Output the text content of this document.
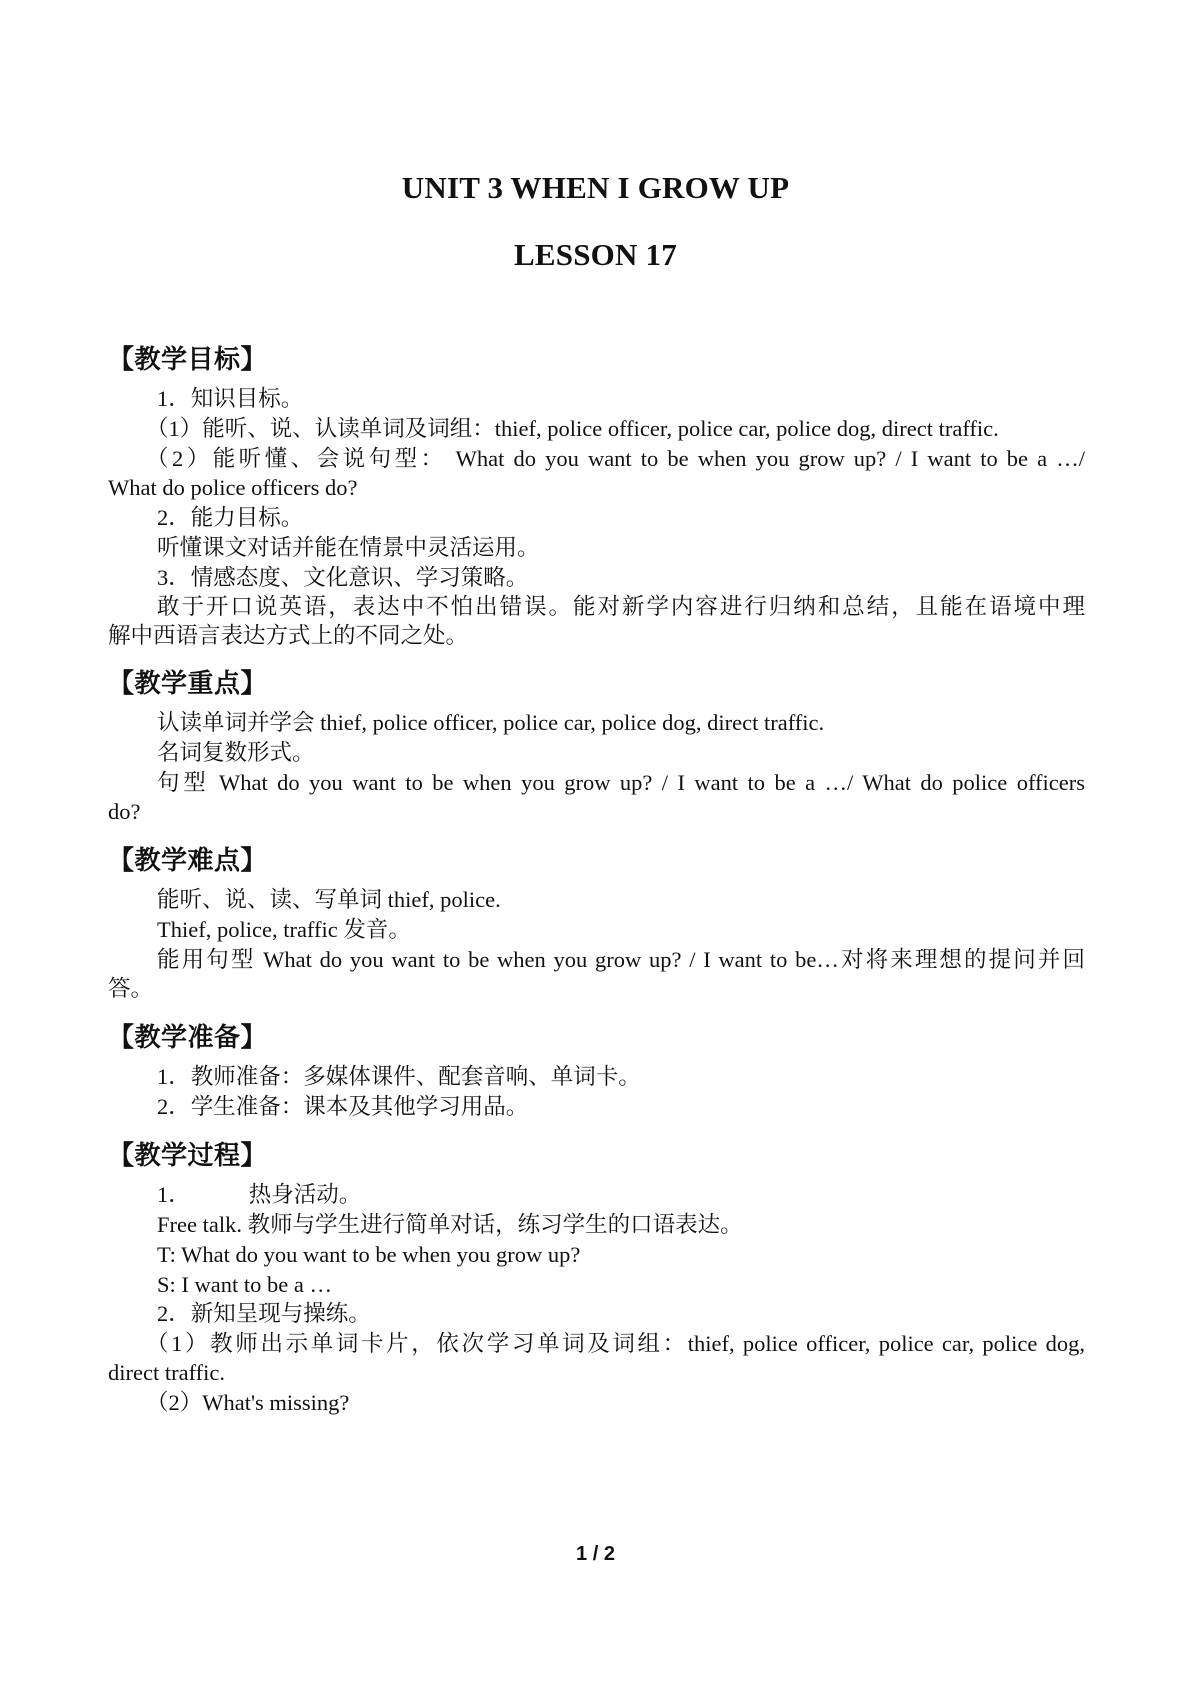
UNIT 3 WHEN I GROW UP
LESSON 17
【教学目标】
1．知识目标。
（1）能听、说、认读单词及词组：thief, police officer, police car, police dog, direct traffic.
（2）能听懂、会说句型： What do you want to be when you grow up? / I want to be a …/
What do police officers do?
2．能力目标。
听懂课文对话并能在情景中灵活运用。
3．情感态度、文化意识、学习策略。
敢于开口说英语，表达中不怕出错误。能对新学内容进行归纳和总结，且能在语境中理
解中西语言表达方式上的不同之处。
【教学重点】
认读单词并学会 thief, police officer, police car, police dog, direct traffic.
名词复数形式。
句型 What do you want to be when you grow up? / I want to be a …/ What do police officers
do?
【教学难点】
能听、说、读、写单词 thief, police.
Thief, police, traffic 发音。
能用句型 What do you want to be when you grow up? / I want to be…对将来理想的提问并回
答。
【教学准备】
1．教师准备：多媒体课件、配套音响、单词卡。
2．学生准备：课本及其他学习用品。
【教学过程】
1．	热身活动。
Free talk. 教师与学生进行简单对话，练习学生的口语表达。
T: What do you want to be when you grow up?
S: I want to be a …
2．新知呈现与操练。
（1）教师出示单词卡片，依次学习单词及词组：thief, police officer, police car, police dog,
direct traffic.
（2）What's missing?
1 / 2
